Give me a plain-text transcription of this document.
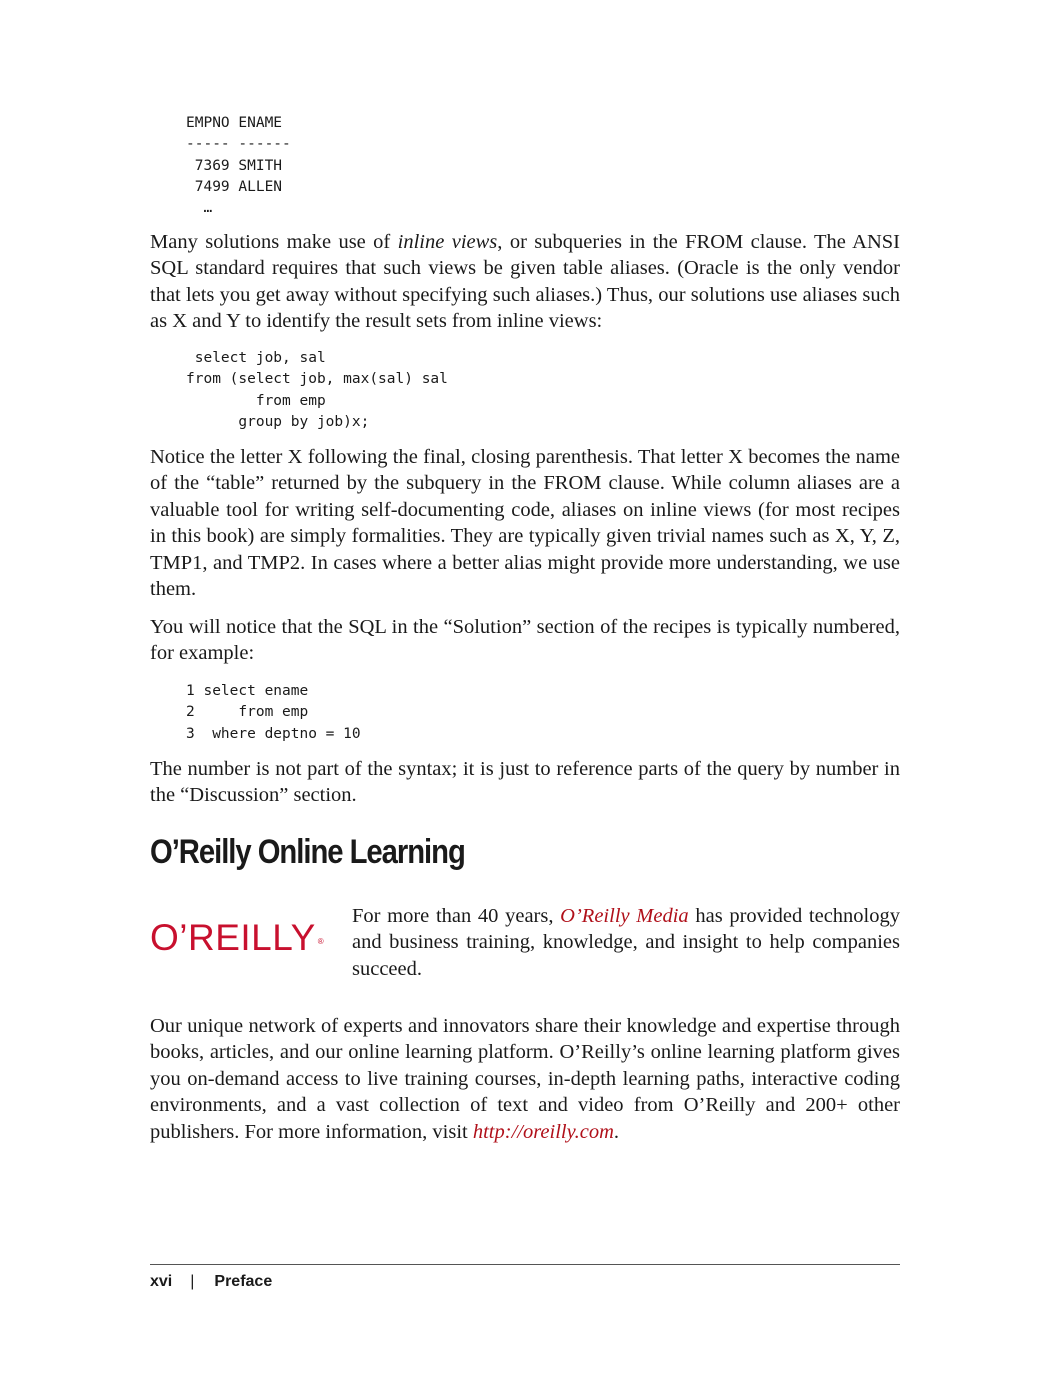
EMPNO ENAME
----- ------
7369 SMITH
7499 ALLEN
…

Many solutions make use of inline views, or subqueries in the FROM clause. The ANSI SQL standard requires that such views be given table aliases. (Oracle is the only vendor that lets you get away without specifying such aliases.) Thus, our solutions use aliases such as X and Y to identify the result sets from inline views:

select job, sal
from (select job, max(sal) sal
from emp
group by job)x;

Notice the letter X following the final, closing parenthesis. That letter X becomes the name of the “table” returned by the subquery in the FROM clause. While column aliases are a valuable tool for writing self-documenting code, aliases on inline views (for most recipes in this book) are simply formalities. They are typically given trivial names such as X, Y, Z, TMP1, and TMP2. In cases where a better alias might provide more understanding, we use them.

You will notice that the SQL in the “Solution” section of the recipes is typically numbered, for example:

1 select ename
2     from emp
3  where deptno = 10

The number is not part of the syntax; it is just to reference parts of the query by number in the “Discussion” section.

O’Reilly Online Learning
O’REILLY ®

For more than 40 years, O’Reilly Media has provided technology and business training, knowledge, and insight to help companies succeed.

Our unique network of experts and innovators share their knowledge and expertise through books, articles, and our online learning platform. O’Reilly’s online learning platform gives you on-demand access to live training courses, in-depth learning paths, interactive coding environments, and a vast collection of text and video from O’Reilly and 200+ other publishers. For more information, visit http://oreilly.com.

xvi | Preface
